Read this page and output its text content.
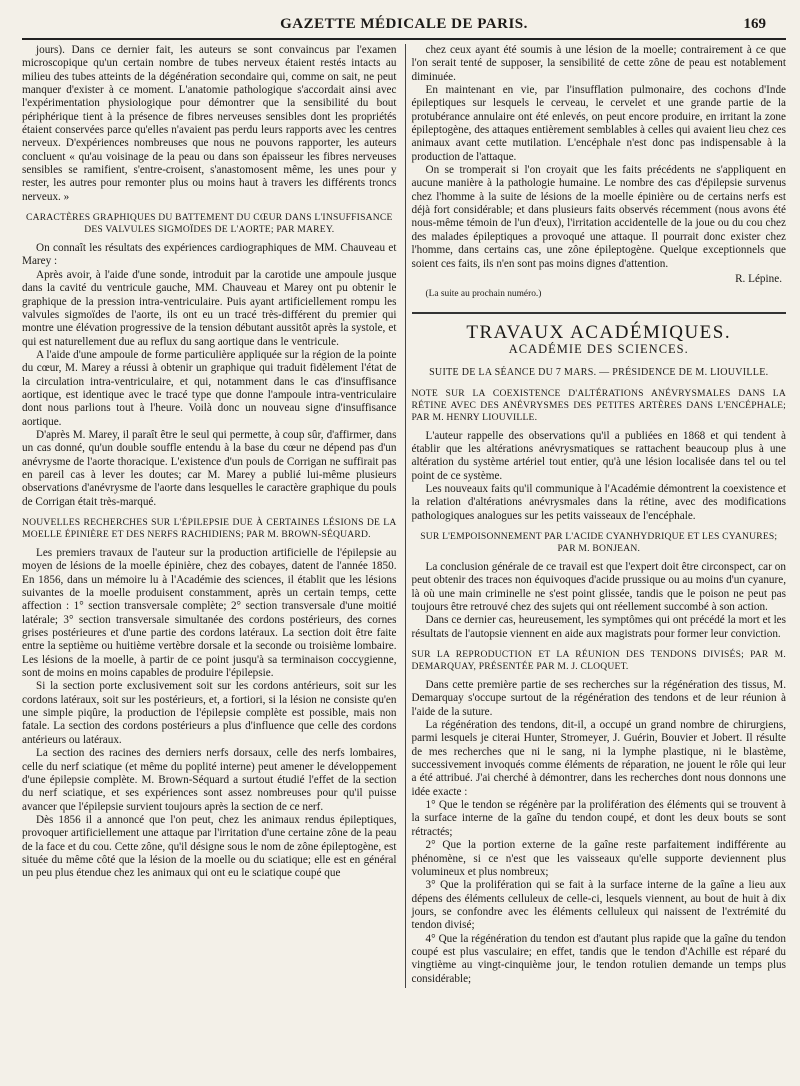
GAZETTE MÉDICALE DE PARIS.	169

jours). Dans ce dernier fait, les auteurs se sont convaincus par l'examen microscopique qu'un certain nombre de tubes nerveux étaient restés intacts au milieu des tubes atteints de la dégénération secondaire qui, comme on sait, ne peut manquer d'exister à ce moment. L'anatomie pathologique s'accordait ainsi avec l'expérimentation physiologique pour démontrer que la sensibilité du bout périphérique tient à la présence de fibres nerveuses sensibles dont les propriétés étaient conservées parce qu'elles n'avaient pas perdu leurs rapports avec les centres nerveux. D'expériences nombreuses que nous ne pouvons rapporter, les auteurs concluent « qu'au voisinage de la peau ou dans son épaisseur les fibres nerveuses sensibles se ramifient, s'entre-croisent, s'anastomosent même, les unes pour y rester, les autres pour remonter plus ou moins haut à travers les différents troncs nerveux. »

CARACTÈRES GRAPHIQUES DU BATTEMENT DU CŒUR DANS L'INSUFFISANCE DES VALVULES SIGMOÏDES DE L'AORTE; PAR MAREY.

On connaît les résultats des expériences cardiographiques de MM. Chauveau et Marey :

Après avoir, à l'aide d'une sonde, introduit par la carotide une ampoule jusque dans la cavité du ventricule gauche, MM. Chauveau et Marey ont pu obtenir le graphique de la pression intra-ventriculaire. Puis ayant artificiellement rompu les valvules sigmoïdes de l'aorte, ils ont eu un tracé très-différent du premier qui montre une élévation progressive de la tension débutant aussitôt après la systole, et qui est naturellement due au reflux du sang aortique dans le ventricule.

A l'aide d'une ampoule de forme particulière appliquée sur la région de la pointe du cœur, M. Marey a réussi à obtenir un graphique qui traduit fidèlement l'état de la circulation intra-ventriculaire, et qui, notamment dans le cas d'insuffisance aortique, est identique avec le tracé type que donne l'ampoule intra-ventriculaire dont nous parlions tout à l'heure. Voilà donc un nouveau signe d'insuffisance aortique.

D'après M. Marey, il paraît être le seul qui permette, à coup sûr, d'affirmer, dans un cas donné, qu'un double souffle entendu à la base du cœur ne dépend pas d'un anévrysme de l'aorte thoracique. L'existence d'un pouls de Corrigan ne suffirait pas en pareil cas à lever les doutes; car M. Marey a publié lui-même plusieurs observations d'anévrysme de l'aorte dans lesquelles le caractère graphique du pouls de Corrigan était très-marqué.

NOUVELLES RECHERCHES SUR L'ÉPILEPSIE DUE À CERTAINES LÉSIONS DE LA MOELLE ÉPINIÈRE ET DES NERFS RACHIDIENS; PAR M. BROWN-SÉQUARD.

Les premiers travaux de l'auteur sur la production artificielle de l'épilepsie au moyen de lésions de la moelle épinière, chez des cobayes, datent de l'année 1850. En 1856, dans un mémoire lu à l'Académie des sciences, il établit que les lésions suivantes de la moelle produisent constamment, après un certain temps, cette affection : 1° section transversale complète; 2° section transversale d'une moitié latérale; 3° section transversale simultanée des cordons postérieurs, des cornes grises postérieures et d'une partie des cordons latéraux. La section doit être faite entre la septième ou huitième vertèbre dorsale et la seconde ou troisième lombaire. Les lésions de la moelle, à partir de ce point jusqu'à sa terminaison coccygienne, sont de moins en moins capables de produire l'épilepsie.

Si la section porte exclusivement soit sur les cordons antérieurs, soit sur les cordons latéraux, soit sur les postérieurs, et, a fortiori, si la lésion ne consiste qu'en une simple piqûre, la production de l'épilepsie complète est possible, mais non fatale. La section des cordons postérieurs a plus d'influence que celle des cordons antérieurs ou latéraux.

La section des racines des derniers nerfs dorsaux, celle des nerfs lombaires, celle du nerf sciatique (et même du poplité interne) peut amener le développement d'une épilepsie complète. M. Brown-Séquard a surtout étudié l'effet de la section du nerf sciatique, et ses expériences sont assez nombreuses pour qu'il puisse avancer que l'épilepsie survient toujours après la section de ce nerf.

Dès 1856 il a annoncé que l'on peut, chez les animaux rendus épileptiques, provoquer artificiellement une attaque par l'irritation d'une certaine zône de la peau de la face et du cou. Cette zône, qu'il désigne sous le nom de zône épileptogène, est située du même côté que la lésion de la moelle ou du sciatique; elle est en général un peu plus étendue chez les animaux qui ont eu le sciatique coupé que

chez ceux ayant été soumis à une lésion de la moelle; contrairement à ce que l'on serait tenté de supposer, la sensibilité de cette zône de peau est notablement diminuée.

En maintenant en vie, par l'insufflation pulmonaire, des cochons d'Inde épileptiques sur lesquels le cerveau, le cervelet et une grande partie de la protubérance annulaire ont été enlevés, on peut encore produire, en irritant la zone épileptogène, des attaques entièrement semblables à celles qui avaient lieu chez ces animaux avant cette mutilation. L'encéphale n'est donc pas indispensable à la production de l'attaque.

On se tromperait si l'on croyait que les faits précédents ne s'appliquent en aucune manière à la pathologie humaine. Le nombre des cas d'épilepsie survenus chez l'homme à la suite de lésions de la moelle épinière ou de certains nerfs est déjà fort considérable; et dans plusieurs faits observés récemment (nous avons été nous-même témoin de l'un d'eux), l'irritation accidentelle de la joue ou du cou chez des malades épileptiques a provoqué une attaque. Il pourrait donc exister chez l'homme, dans certains cas, une zône épileptogène. Quelque exceptionnels que soient ces faits, ils n'en sont pas moins dignes d'attention.

R. Lépine.

(La suite au prochain numéro.)

TRAVAUX ACADÉMIQUES.

ACADÉMIE DES SCIENCES.

SUITE DE LA SÉANCE DU 7 MARS. — PRÉSIDENCE DE M. LIOUVILLE.

NOTE SUR LA COEXISTENCE D'ALTÉRATIONS ANÉVRYSMALES DANS LA RÉTINE AVEC DES ANÉVRYSMES DES PETITES ARTÈRES DANS L'ENCÉPHALE; PAR M. HENRY LIOUVILLE.

L'auteur rappelle des observations qu'il a publiées en 1868 et qui tendent à établir que les altérations anévrysmatiques se rattachent beaucoup plus à une altération du système artériel tout entier, qu'à une lésion localisée dans tel ou tel point de ce système.

Les nouveaux faits qu'il communique à l'Académie démontrent la coexistence et la relation d'altérations anévrysmales dans la rétine, avec des modifications pathologiques analogues sur les petits vaisseaux de l'encéphale.

SUR L'EMPOISONNEMENT PAR L'ACIDE CYANHYDRIQUE ET LES CYANURES; PAR M. BONJEAN.

La conclusion générale de ce travail est que l'expert doit être circonspect, car on peut obtenir des traces non équivoques d'acide prussique ou au moins d'un cyanure, là où une main criminelle ne s'est point glissée, tandis que le poison ne peut pas toujours être retrouvé chez des sujets qui ont réellement succombé à son action.

Dans ce dernier cas, heureusement, les symptômes qui ont précédé la mort et les résultats de l'autopsie viennent en aide aux magistrats pour former leur conviction.

SUR LA REPRODUCTION ET LA RÉUNION DES TENDONS DIVISÉS; PAR M. DEMARQUAY, PRÉSENTÉE PAR M. J. CLOQUET.

Dans cette première partie de ses recherches sur la régénération des tissus, M. Demarquay s'occupe surtout de la régénération des tendons et de leur réunion à l'aide de la suture.

La régénération des tendons, dit-il, a occupé un grand nombre de chirurgiens, parmi lesquels je citerai Hunter, Stromeyer, J. Guérin, Bouvier et Jobert. Il résulte de mes recherches que ni le sang, ni la lymphe plastique, ni le blastème, successivement invoqués comme éléments de réparation, ne jouent le rôle qui leur a été attribué. J'ai cherché à démontrer, dans les recherches dont nous donnons une idée exacte :

1° Que le tendon se régénère par la prolifération des éléments qui se trouvent à la surface interne de la gaîne du tendon coupé, et dont les deux bouts se sont rétractés;

2° Que la portion externe de la gaîne reste parfaitement indifférente au phénomène, si ce n'est que les vaisseaux qu'elle supporte deviennent plus volumineux et plus nombreux;

3° Que la prolifération qui se fait à la surface interne de la gaîne a lieu aux dépens des éléments celluleux de celle-ci, lesquels viennent, au bout de huit à dix jours, se confondre avec les éléments celluleux qui naissent de l'extrémité du tendon divisé;

4° Que la régénération du tendon est d'autant plus rapide que la gaîne du tendon coupé est plus vasculaire; en effet, tandis que le tendon d'Achille est réparé du vingtième au vingt-cinquième jour, le tendon rotulien demande un temps plus considérable;
